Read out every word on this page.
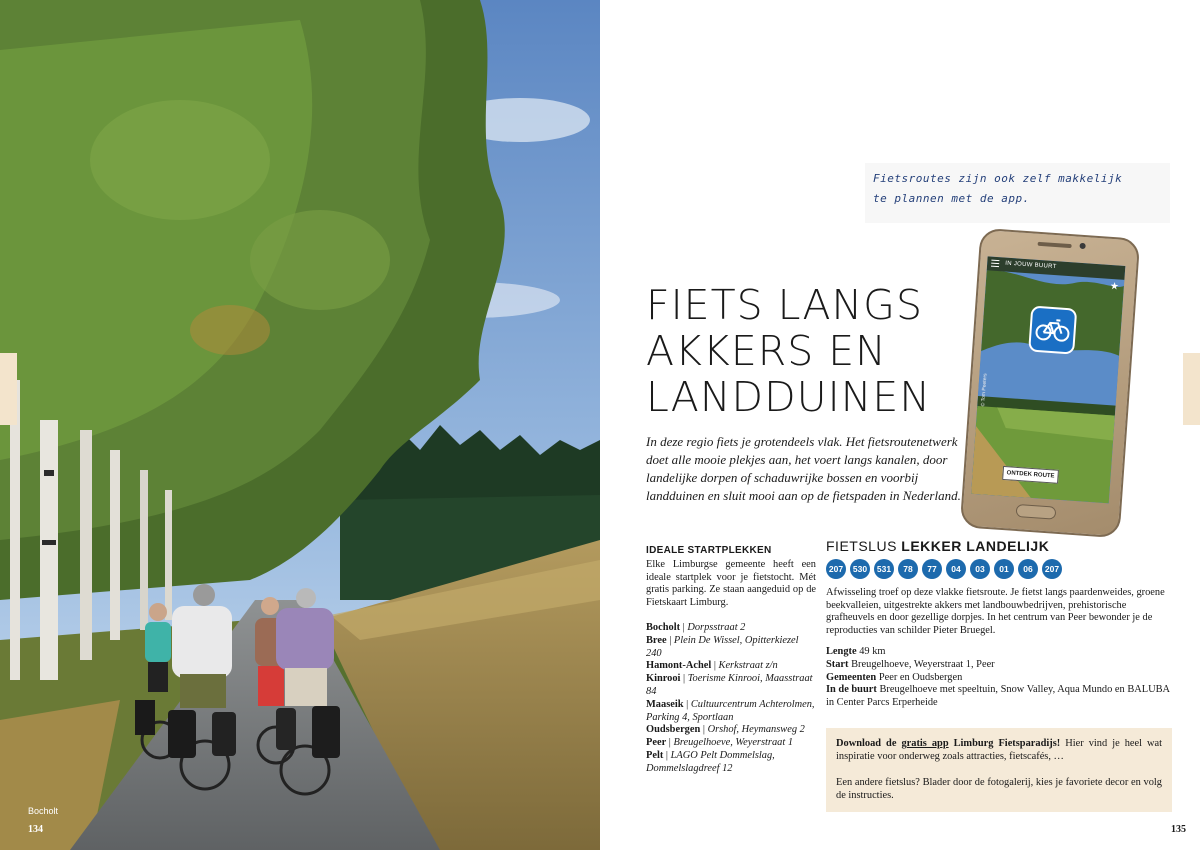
Bocholt
134
Fietsroutes zijn ook zelf makkelijk
te plannen met de app.
FIETS LANGS
AKKERS EN
LANDDUINEN

In deze regio fiets je grotendeels vlak. Het fietsroutenetwerk doet alle mooie plekjes aan, het voert langs kanalen, door landelijke dorpen of schaduwrijke bossen en voorbij landduinen en sluit mooi aan op de fietspaden in Nederland.

IN JOUW BUURT
★
© Tom Peeters
ONTDEK ROUTE
IDEALE STARTPLEKKEN

Elke Limburgse gemeente heeft een ideale startplek voor je fietstocht. Mét gratis parking. Ze staan aangeduid op de Fietskaart Limburg.

Bocholt | Dorpsstraat 2
Bree | Plein De Wissel, Opitterkiezel 240
Hamont-Achel | Kerkstraat z/n
Kinrooi | Toerisme Kinrooi, Maasstraat 84
Maaseik | Cultuurcentrum Achterolmen, Parking 4, Sportlaan
Oudsbergen | Orshof, Heymansweg 2
Peer | Breugelhoeve, Weyerstraat 1
Pelt | LAGO Pelt Dommelslag, Dommelslagdreef 12
FIETSLUS LEKKER LANDELIJK
207	530	531	78	77	04	03	01	06	207

Afwisseling troef op deze vlakke fietsroute. Je fietst langs paardenweides, groene beekvalleien, uitgestrekte akkers met landbouwbedrijven, prehistorische grafheuvels en door gezellige dorpjes. In het centrum van Peer bewonder je de reproducties van schilder Pieter Bruegel.

Lengte 49 km
Start Breugelhoeve, Weyerstraat 1, Peer
Gemeenten Peer en Oudsbergen
In de buurt Breugelhoeve met speeltuin, Snow Valley, Aqua Mundo en BALUBA in Center Parcs Erperheide

Download de gratis app Limburg Fietsparadijs! Hier vind je heel wat inspiratie voor onderweg zoals attracties, fietscafés, …

Een andere fietslus? Blader door de fotogalerij, kies je favoriete decor en volg de instructies.

135
